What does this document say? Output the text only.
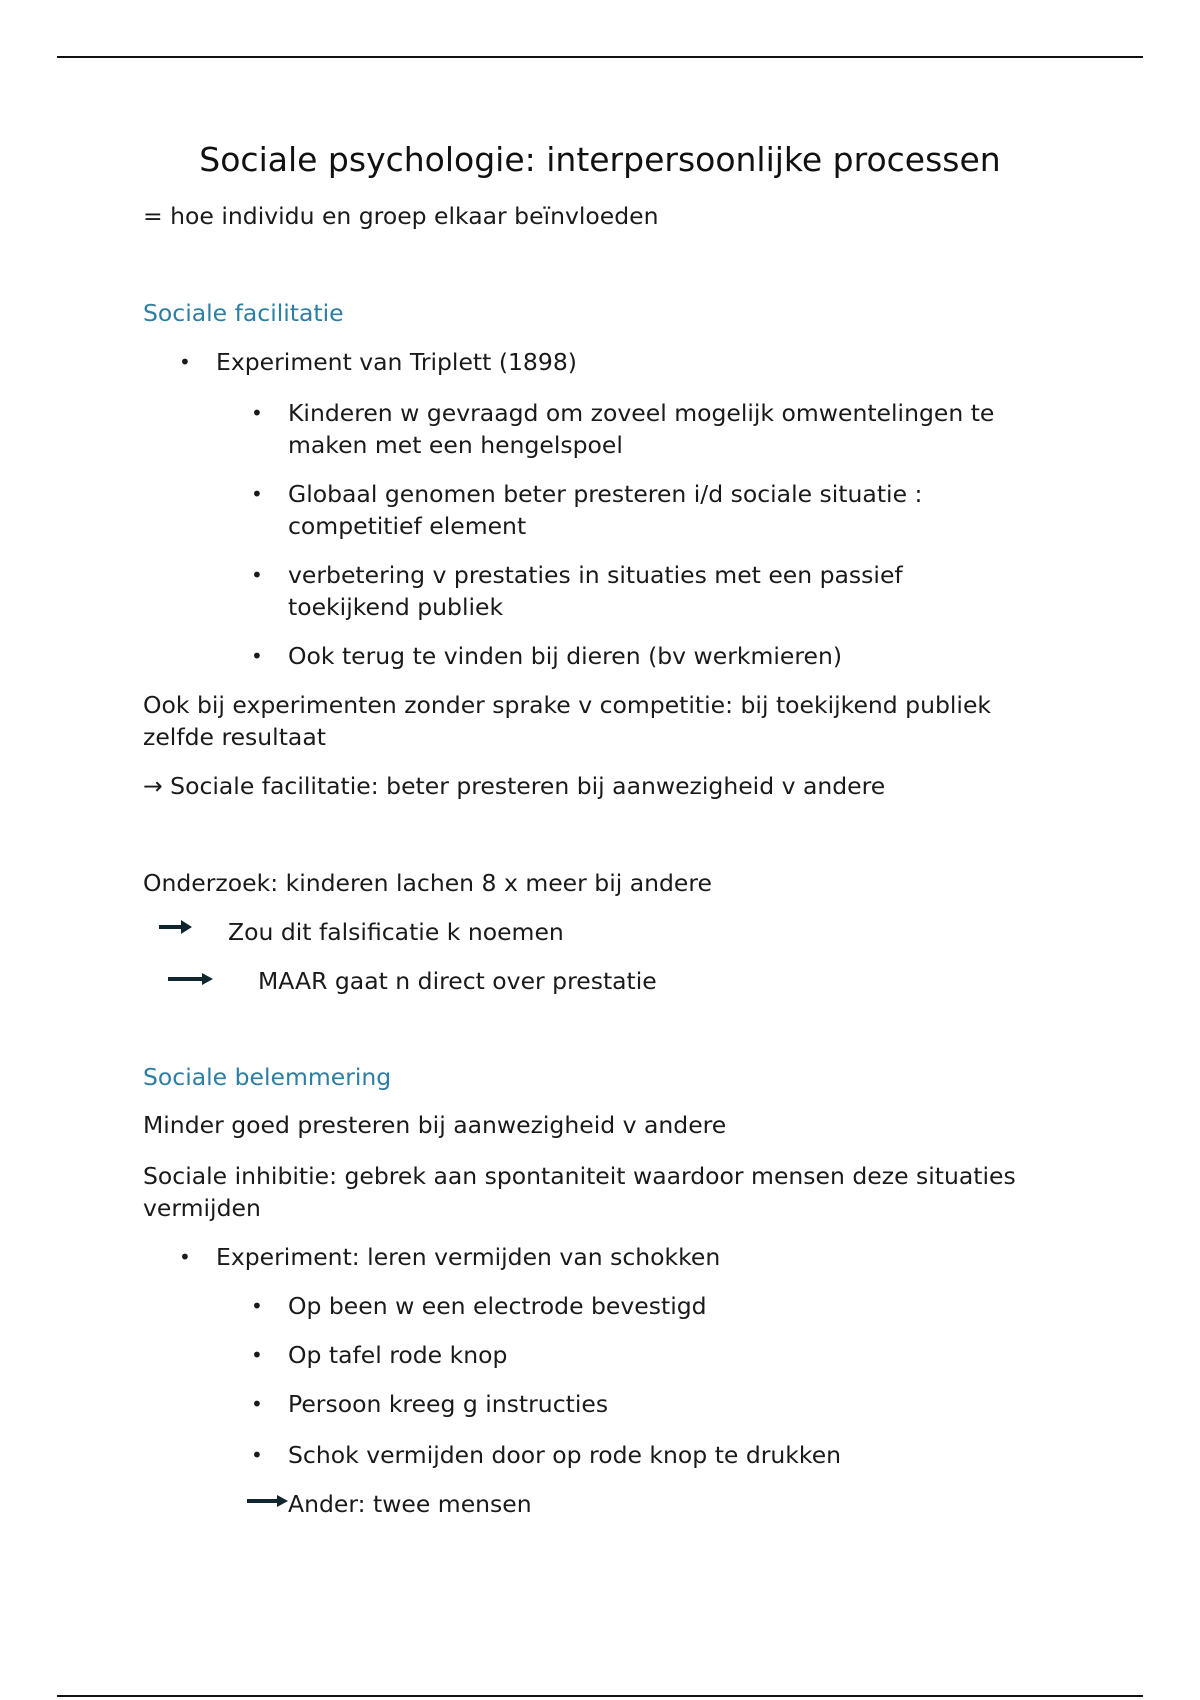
Sociale psychologie: interpersoonlijke processen
= hoe individu en groep elkaar beïnvloeden
Sociale facilitatie
• Experiment van Triplett (1898)
• Kinderen w gevraagd om zoveel mogelijk omwentelingen te
maken met een hengelspoel
• Globaal genomen beter presteren i/d sociale situatie :
competitief element
• verbetering v prestaties in situaties met een passief
toekijkend publiek
• Ook terug te vinden bij dieren (bv werkmieren)
Ook bij experimenten zonder sprake v competitie: bij toekijkend publiek
zelfde resultaat
→ Sociale facilitatie: beter presteren bij aanwezigheid v andere
Onderzoek: kinderen lachen 8 x meer bij andere
Zou dit falsificatie k noemen
MAAR gaat n direct over prestatie
Sociale belemmering
Minder goed presteren bij aanwezigheid v andere
Sociale inhibitie: gebrek aan spontaniteit waardoor mensen deze situaties
vermijden
• Experiment: leren vermijden van schokken
• Op been w een electrode bevestigd
• Op tafel rode knop
• Persoon kreeg g instructies
• Schok vermijden door op rode knop te drukken
Ander: twee mensen
